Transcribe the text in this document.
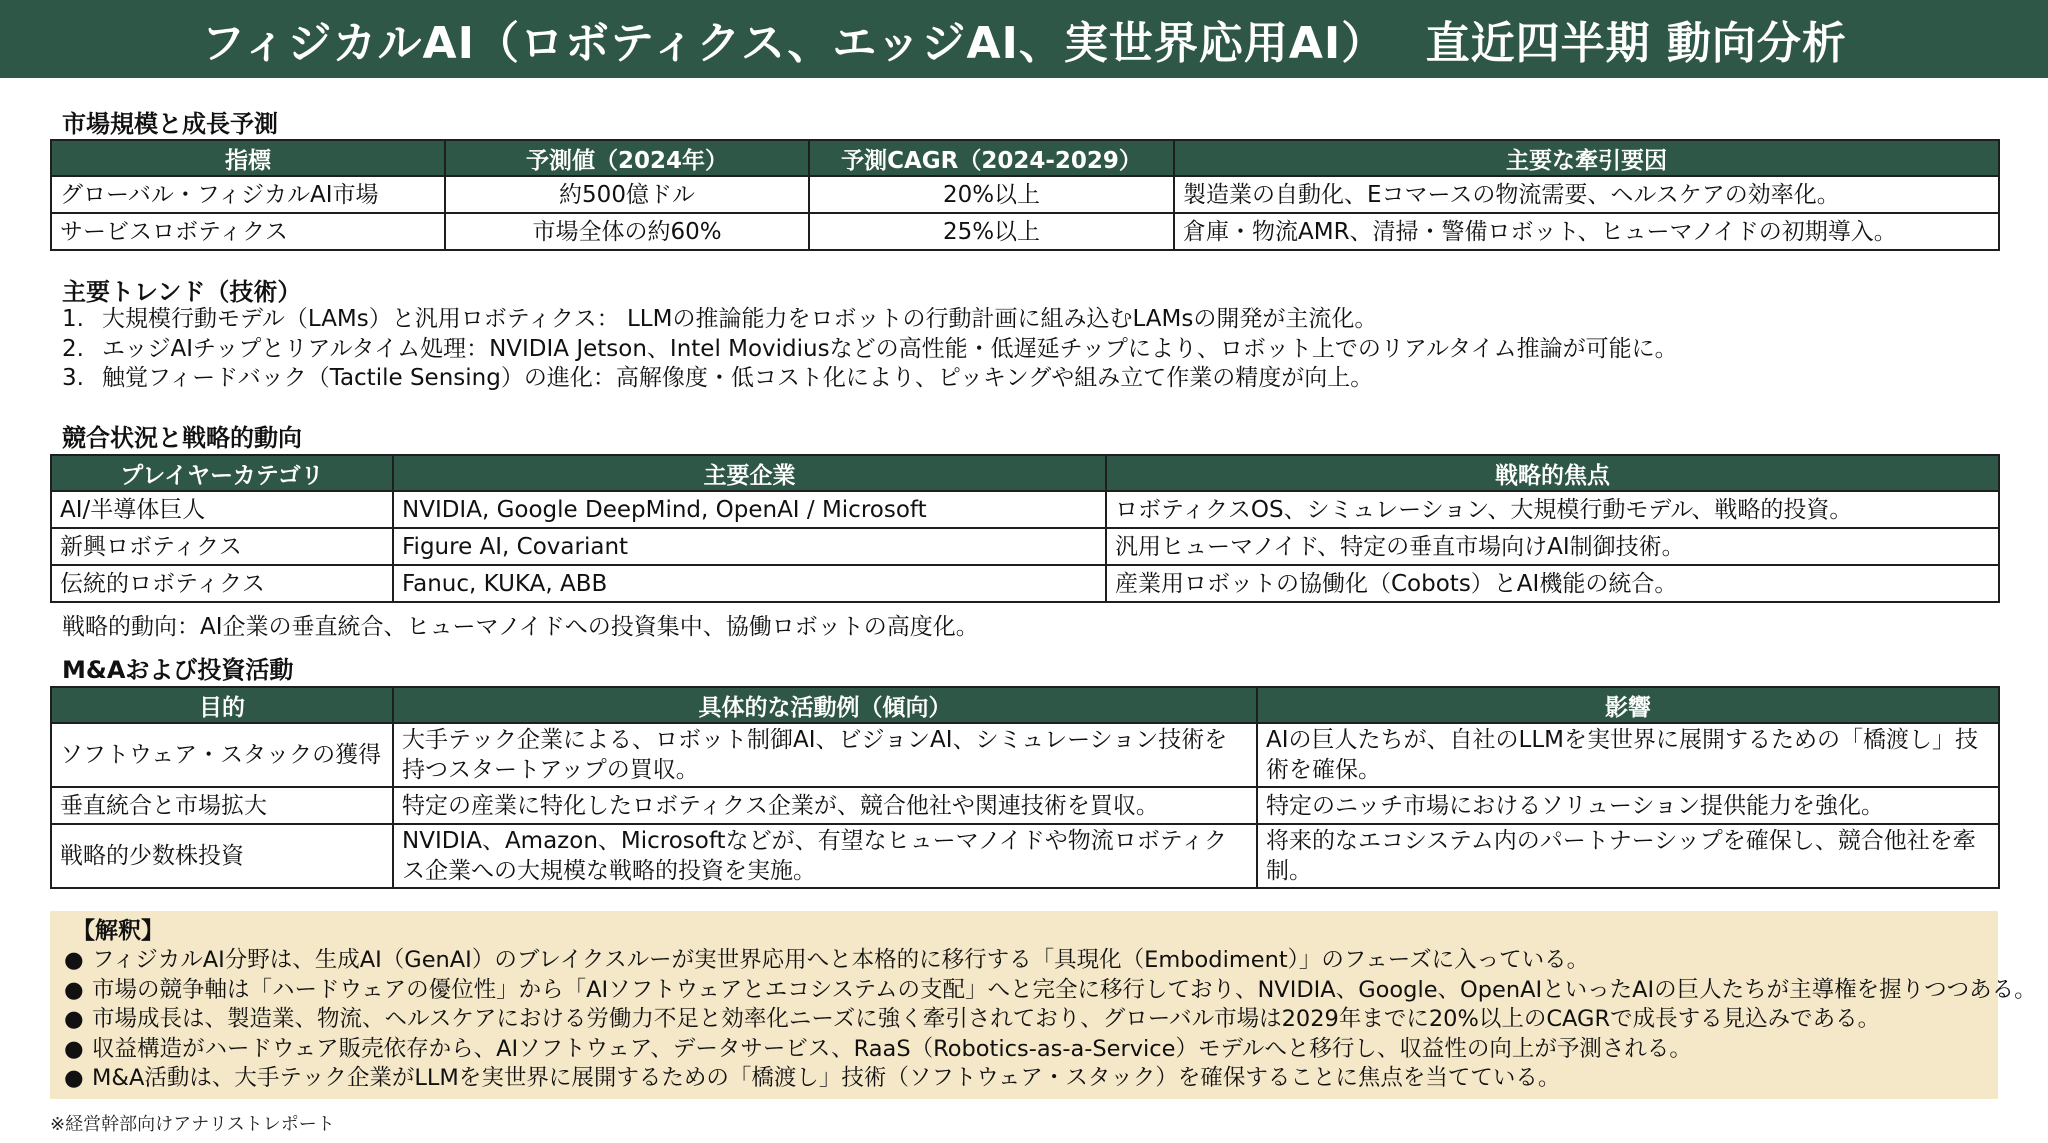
フィジカルAI（ロボティクス、エッジAI、実世界応用AI）　 直近四半期 動向分析
市場規模と成長予測
指標	予測値（2024年）	予測CAGR（2024-2029）	主要な牽引要因
グローバル・フィジカルAI市場	約500億ドル	20%以上	製造業の自動化、Eコマースの物流需要、ヘルスケアの効率化。
サービスロボティクス	市場全体の約60%	25%以上	倉庫・物流AMR、清掃・警備ロボット、ヒューマノイドの初期導入。
主要トレンド（技術）
1. 大規模行動モデル（LAMs）と汎用ロボティクス： LLMの推論能力をロボットの行動計画に組み込むLAMsの開発が主流化。
2. エッジAIチップとリアルタイム処理：NVIDIA Jetson、Intel Movidiusなどの高性能・低遅延チップにより、ロボット上でのリアルタイム推論が可能に。
3. 触覚フィードバック（Tactile Sensing）の進化：高解像度・低コスト化により、ピッキングや組み立て作業の精度が向上。
競合状況と戦略的動向
プレイヤーカテゴリ	主要企業	戦略的焦点
AI/半導体巨人	NVIDIA, Google DeepMind, OpenAI / Microsoft	ロボティクスOS、シミュレーション、大規模行動モデル、戦略的投資。
新興ロボティクス	Figure AI, Covariant	汎用ヒューマノイド、特定の垂直市場向けAI制御技術。
伝統的ロボティクス	Fanuc, KUKA, ABB	産業用ロボットの協働化（Cobots）とAI機能の統合。
戦略的動向：AI企業の垂直統合、ヒューマノイドへの投資集中、協働ロボットの高度化。
M&Aおよび投資活動
目的	具体的な活動例（傾向）	影響
ソフトウェア・スタックの獲得	大手テック企業による、ロボット制御AI、ビジョンAI、シミュレーション技術を持つスタートアップの買収。	AIの巨人たちが、自社のLLMを実世界に展開するための「橋渡し」技術を確保。
垂直統合と市場拡大	特定の産業に特化したロボティクス企業が、競合他社や関連技術を買収。	特定のニッチ市場におけるソリューション提供能力を強化。
戦略的少数株投資	NVIDIA、Amazon、Microsoftなどが、有望なヒューマノイドや物流ロボティクス企業への大規模な戦略的投資を実施。	将来的なエコシステム内のパートナーシップを確保し、競合他社を牽制。
【解釈】
● フィジカルAI分野は、生成AI（GenAI）のブレイクスルーが実世界応用へと本格的に移行する「具現化（Embodiment）」のフェーズに入っている。
● 市場の競争軸は「ハードウェアの優位性」から「AIソフトウェアとエコシステムの支配」へと完全に移行しており、NVIDIA、Google、OpenAIといったAIの巨人たちが主導権を握りつつある。
● 市場成長は、製造業、物流、ヘルスケアにおける労働力不足と効率化ニーズに強く牽引されており、グローバル市場は2029年までに20%以上のCAGRで成長する見込みである。
● 収益構造がハードウェア販売依存から、AIソフトウェア、データサービス、RaaS（Robotics-as-a-Service）モデルへと移行し、収益性の向上が予測される。
● M&A活動は、大手テック企業がLLMを実世界に展開するための「橋渡し」技術（ソフトウェア・スタック）を確保することに焦点を当てている。
※経営幹部向けアナリストレポート
